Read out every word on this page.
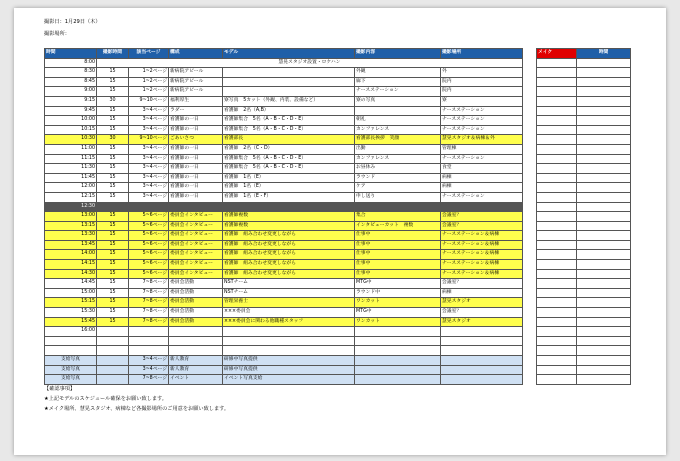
撮影日：1月29日（木）
撮影場所：
時間	撮影時間	該当ページ	構成	モデル	撮影内容	撮影場所
8:00	慧晃スタジオ設置・ロケハン					
8:30	15	1~2ページ	新病院アピール		外観	外
8:45	15	1~2ページ	新病院アピール		廊下	院内
9:00	15	1~2ページ	新病院アピール		ナースステーション	院内
9:15	30	9~10ページ	福利厚生	寮写真　5カット（外観、内装、設備など）	寮の写真	寮
9:45	15	3~4ページ	ラダー	看護師　2名（A,B）		ナースステーション
10:00	15	3~4ページ	看護師の一日	看護師集合　5名（A・B・C・D・E）	朝礼	ナースステーション
10:15	15	3~4ページ	看護師の一日	看護師集合　5名（A・B・C・D・E）	カンファレンス	ナースステーション
10:30	30	9~10ページ	ごあいさつ	看護部長	看護部長挨拶　笑顔	慧晃スタジオ＆病棟＆外
11:00	15	3~4ページ	看護師の一日	看護師　2名（C・D）	出勤	管理棟
11:15	15	3~4ページ	看護師の一日	看護師集合　5名（A・B・C・D・E）	カンファレンス	ナースステーション
11:30	15	3~4ページ	看護師の一日	看護師集合　5名（A・B・C・D・E）	お昼休み	食堂
11:45	15	3~4ページ	看護師の一日	看護師　1名（E）	ラウンド	病棟
12:00	15	3~4ページ	看護師の一日	看護師　1名（E）	ケア	病棟
12:15	15	3~4ページ	看護師の一日	看護師　1名（E・F）	申し送り	ナースステーション
12:30						
13:00	15	5~6ページ	委員会インタビュー	看護師複数	集合	会議室？
13:15	15	5~6ページ	委員会インタビュー	看護師複数	インタビューカット　複数	会議室？
13:30	15	5~6ページ	委員会インタビュー	看護師　組み合わせ変更しながら	仕事中	ナースステーション＆病棟
13:45	15	5~6ページ	委員会インタビュー	看護師　組み合わせ変更しながら	仕事中	ナースステーション＆病棟
14:00	15	5~6ページ	委員会インタビュー	看護師　組み合わせ変更しながら	仕事中	ナースステーション＆病棟
14:15	15	5~6ページ	委員会インタビュー	看護師　組み合わせ変更しながら	仕事中	ナースステーション＆病棟
14:30	15	5~6ページ	委員会インタビュー	看護師　組み合わせ変更しながら	仕事中	ナースステーション＆病棟
14:45	15	7~8ページ	委員会活動	NSTチーム	MTG中	会議室？
15:00	15	7~8ページ	委員会活動	NSTチーム	ラウンド中	病棟
15:15	15	7~8ページ	委員会活動	管理栄養士	ワンカット	慧晃スタジオ
15:30	15	7~8ページ	委員会活動	×××委員会	MTG中	会議室？
15:45	15	7~8ページ	委員会活動	×××委員会に関わる他職種スタッフ	ワンカット	慧晃スタジオ
16:00						

支給写真		3~4ページ	新人教育	研修中写真提供		
支給写真		3~4ページ	新人教育	研修中写真提供		
支給写真		7~8ページ	イベント	イベント写真支給		
メイク	時間

【確認事項】
★上記モデルのスケジュール確保をお願い致します。
★メイク場所、慧晃スタジオ、病棟など各撮影場所のご用意をお願い致します。
